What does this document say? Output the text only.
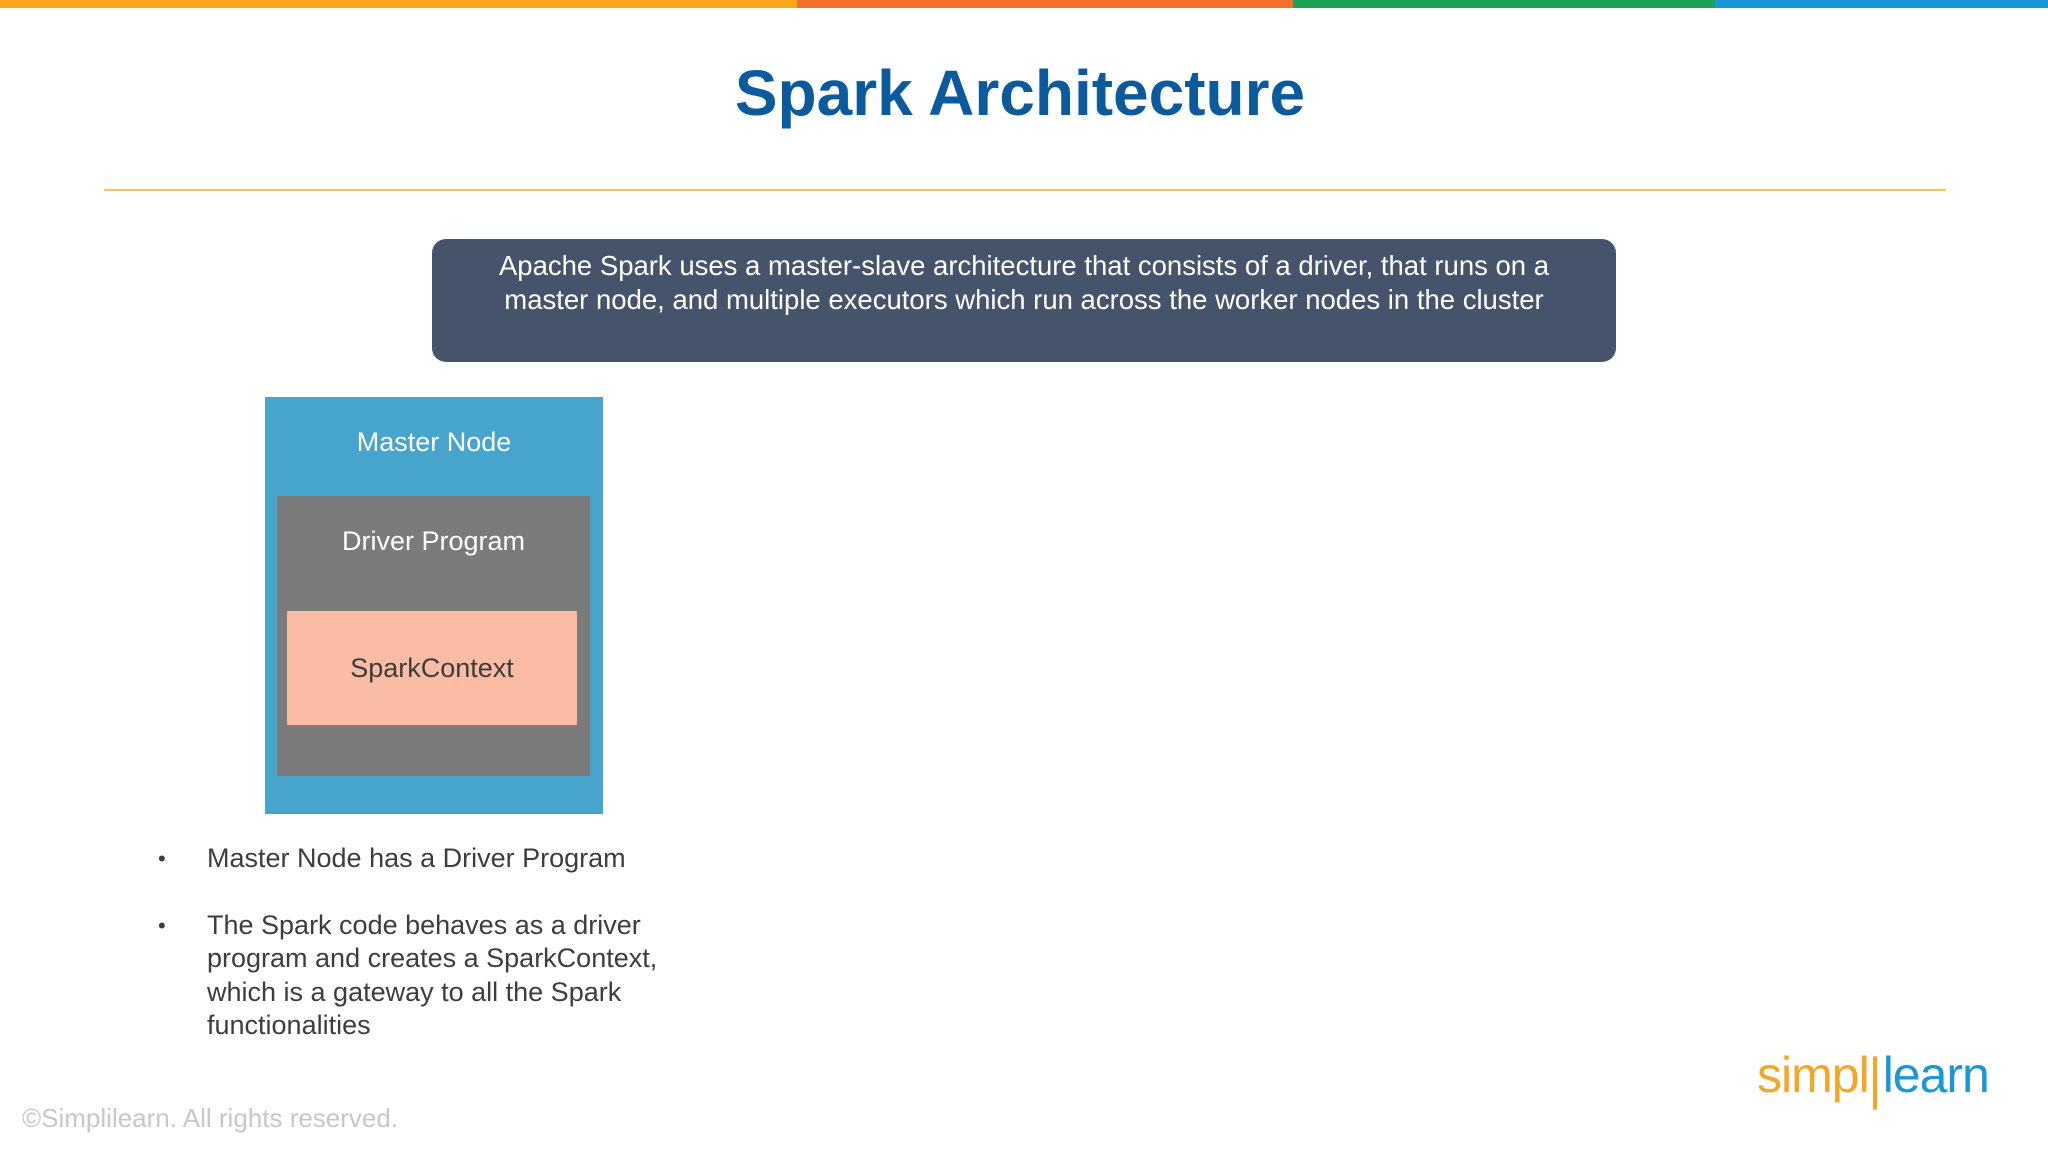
Spark Architecture
Apache Spark uses a master-slave architecture that consists of a driver, that runs on a master node, and multiple executors which run across the worker nodes in the cluster
Master Node
Driver Program
SparkContext
• Master Node has a Driver Program
• The Spark code behaves as a driver program and creates a SparkContext, which is a gateway to all the Spark functionalities
©Simplilearn. All rights reserved.
simpl learn
